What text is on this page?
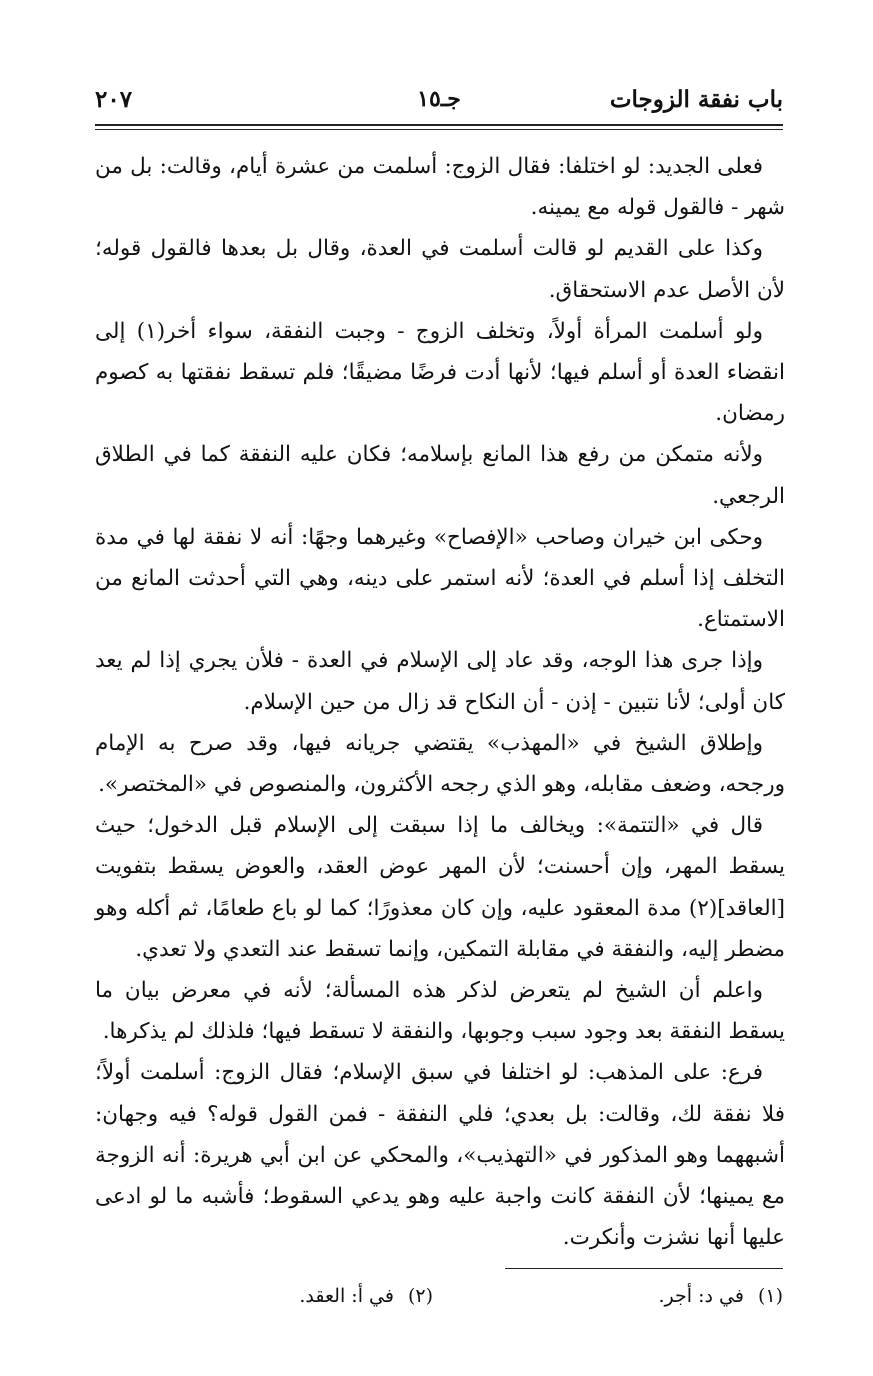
باب نفقة الزوجات
جـ١٥
٢٠٧

فعلى الجديد: لو اختلفا: فقال الزوج: أسلمت من عشرة أيام، وقالت: بل من شهر - فالقول قوله مع يمينه.

وكذا على القديم لو قالت أسلمت في العدة، وقال بل بعدها فالقول قوله؛ لأن الأصل عدم الاستحقاق.

ولو أسلمت المرأة أولاً، وتخلف الزوج - وجبت النفقة، سواء أخر(١) إلى انقضاء العدة أو أسلم فيها؛ لأنها أدت فرضًا مضيقًا؛ فلم تسقط نفقتها به كصوم رمضان.

ولأنه متمكن من رفع هذا المانع بإسلامه؛ فكان عليه النفقة كما في الطلاق الرجعي.

وحكى ابن خيران وصاحب «الإفصاح» وغيرهما وجهًا: أنه لا نفقة لها في مدة التخلف إذا أسلم في العدة؛ لأنه استمر على دينه، وهي التي أحدثت المانع من الاستمتاع.

وإذا جرى هذا الوجه، وقد عاد إلى الإسلام في العدة - فلأن يجري إذا لم يعد كان أولى؛ لأنا نتبين - إذن - أن النكاح قد زال من حين الإسلام.

وإطلاق الشيخ في «المهذب» يقتضي جريانه فيها، وقد صرح به الإمام ورجحه، وضعف مقابله، وهو الذي رجحه الأكثرون، والمنصوص في «المختصر».

قال في «التتمة»: ويخالف ما إذا سبقت إلى الإسلام قبل الدخول؛ حيث يسقط المهر، وإن أحسنت؛ لأن المهر عوض العقد، والعوض يسقط بتفويت [العاقد](٢) مدة المعقود عليه، وإن كان معذورًا؛ كما لو باع طعامًا، ثم أكله وهو مضطر إليه، والنفقة في مقابلة التمكين، وإنما تسقط عند التعدي ولا تعدي.

واعلم أن الشيخ لم يتعرض لذكر هذه المسألة؛ لأنه في معرض بيان ما يسقط النفقة بعد وجود سبب وجوبها، والنفقة لا تسقط فيها؛ فلذلك لم يذكرها.

فرع: على المذهب: لو اختلفا في سبق الإسلام؛ فقال الزوج: أسلمت أولاً؛ فلا نفقة لك، وقالت: بل بعدي؛ فلي النفقة - فمن القول قوله؟ فيه وجهان: أشبههما وهو المذكور في «التهذيب»، والمحكي عن ابن أبي هريرة: أنه الزوجة مع يمينها؛ لأن النفقة كانت واجبة عليه وهو يدعي السقوط؛ فأشبه ما لو ادعى عليها أنها نشزت وأنكرت.

(١)في د: أجر.
(٢)في أ: العقد.
